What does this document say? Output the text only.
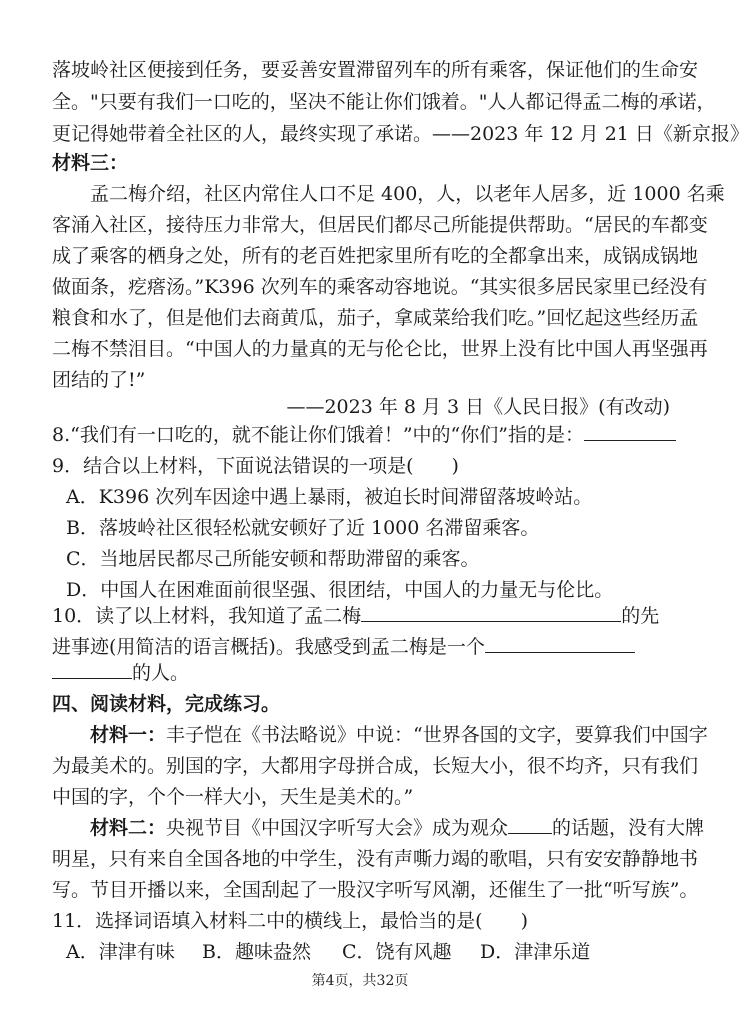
落坡岭社区便接到任务，要妥善安置滞留列车的所有乘客，保证他们的生命安
全。"只要有我们一口吃的，坚决不能让你们饿着。"人人都记得孟二梅的承诺，
更记得她带着全社区的人，最终实现了承诺。——2023 年 12 月 21 日《新京报》
材料三：
孟二梅介绍，社区内常住人口不足 400，人，以老年人居多，近 1000 名乘
客涌入社区，接待压力非常大，但居民们都尽己所能提供帮助。“居民的车都变
成了乘客的栖身之处，所有的老百姓把家里所有吃的全都拿出来，成锅成锅地
做面条，疙瘩汤。”K396 次列车的乘客动容地说。“其实很多居民家里已经没有
粮食和水了，但是他们去商黄瓜，茄子，拿咸菜给我们吃。”回忆起这些经历孟
二梅不禁泪目。“中国人的力量真的无与伦仑比，世界上没有比中国人再坚强再
团结的了!”
——2023 年 8 月 3 日《人民日报》(有改动)
8.“我们有一口吃的，就不能让你们饿着！”中的“你们”指的是：
9．结合以上材料，下面说法错误的一项是(　　)
A．K396 次列车因途中遇上暴雨，被迫长时间滞留落坡岭站。
B．落坡岭社区很轻松就安顿好了近 1000 名滞留乘客。
C．当地居民都尽己所能安顿和帮助滞留的乘客。
D．中国人在困难面前很坚强、很团结，中国人的力量无与伦比。
10．读了以上材料，我知道了孟二梅	的先
进事迹(用简洁的语言概括)。我感受到孟二梅是一个
的人。
四、阅读材料，完成练习。
材料一：丰子恺在《书法略说》中说：“世界各国的文字，要算我们中国字
为最美术的。别国的字，大都用字母拼合成，长短大小，很不均齐，只有我们
中国的字，个个一样大小，天生是美术的。”
材料二：央视节目《中国汉字听写大会》成为观众 的话题，没有大牌
明星，只有来自全国各地的中学生，没有声嘶力竭的歌唱，只有安安静静地书
写。节目开播以来，全国刮起了一股汉字听写风潮，还催生了一批“听写族”。
11．选择词语填入材料二中的横线上，最恰当的是(　　)
A．津津有味 B．趣味盎然 C．饶有风趣 D．津津乐道
第4页，共32页
